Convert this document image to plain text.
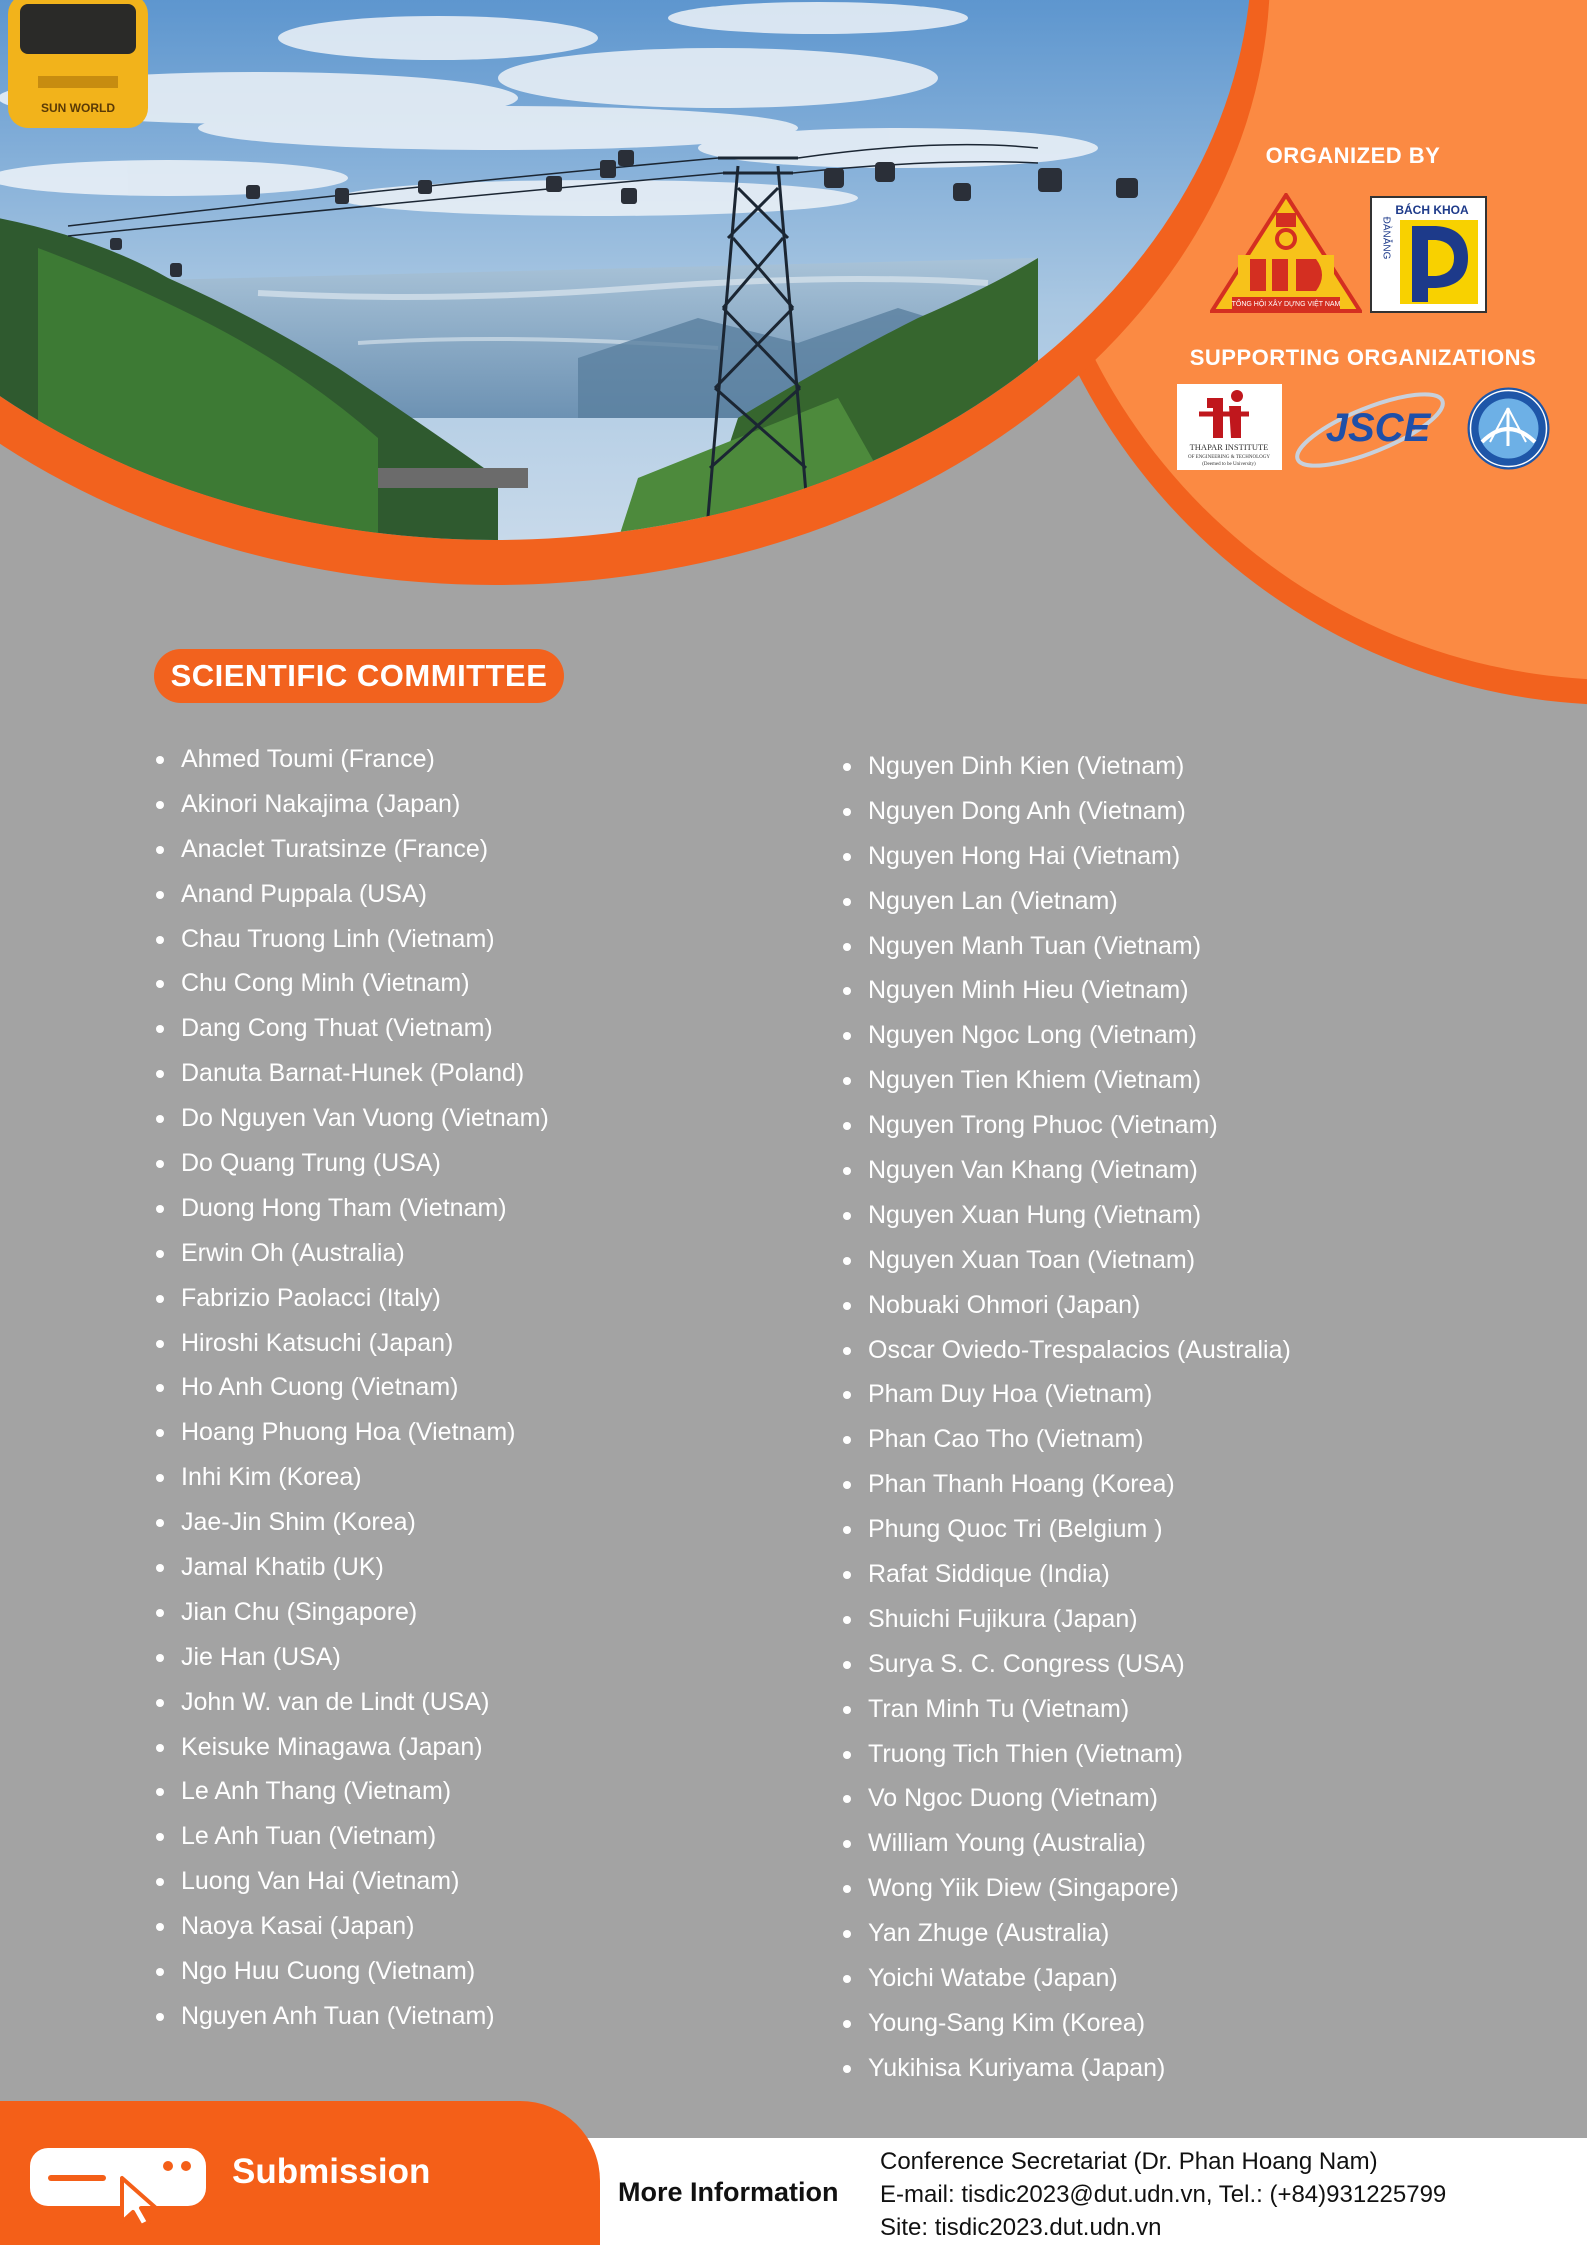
SUN WORLD
ORGANIZED BY
TỔNG HỘI XÂY DỰNG VIỆT NAM
BÁCH KHOA
ĐÀNẴNG
SUPPORTING ORGANIZATIONS
THAPAR INSTITUTE
OF ENGINEERING & TECHNOLOGY
(Deemed to be University)
JSCE
SCIENTIFIC COMMITTEE
Ahmed Toumi (France)
Akinori Nakajima (Japan)
Anaclet Turatsinze (France)
Anand Puppala (USA)
Chau Truong Linh (Vietnam)
Chu Cong Minh (Vietnam)
Dang Cong Thuat (Vietnam)
Danuta Barnat-Hunek (Poland)
Do Nguyen Van Vuong (Vietnam)
Do Quang Trung (USA)
Duong Hong Tham (Vietnam)
Erwin Oh (Australia)
Fabrizio Paolacci (Italy)
Hiroshi Katsuchi (Japan)
Ho Anh Cuong (Vietnam)
Hoang Phuong Hoa (Vietnam)
Inhi Kim (Korea)
Jae-Jin Shim (Korea)
Jamal Khatib (UK)
Jian Chu (Singapore)
Jie Han (USA)
John W. van de Lindt (USA)
Keisuke Minagawa (Japan)
Le Anh Thang (Vietnam)
Le Anh Tuan (Vietnam)
Luong Van Hai (Vietnam)
Naoya Kasai (Japan)
Ngo Huu Cuong (Vietnam)
Nguyen Anh Tuan (Vietnam)
Nguyen Dinh Kien (Vietnam)
Nguyen Dong Anh (Vietnam)
Nguyen Hong Hai (Vietnam)
Nguyen Lan (Vietnam)
Nguyen Manh Tuan (Vietnam)
Nguyen Minh Hieu (Vietnam)
Nguyen Ngoc Long (Vietnam)
Nguyen Tien Khiem (Vietnam)
Nguyen Trong Phuoc (Vietnam)
Nguyen Van Khang (Vietnam)
Nguyen Xuan Hung (Vietnam)
Nguyen Xuan Toan (Vietnam)
Nobuaki Ohmori (Japan)
Oscar Oviedo-Trespalacios (Australia)
Pham Duy Hoa (Vietnam)
Phan Cao Tho (Vietnam)
Phan Thanh Hoang (Korea)
Phung Quoc Tri (Belgium )
Rafat Siddique (India)
Shuichi Fujikura (Japan)
Surya S. C. Congress (USA)
Tran Minh Tu (Vietnam)
Truong Tich Thien (Vietnam)
Vo Ngoc Duong (Vietnam)
William Young (Australia)
Wong Yiik Diew (Singapore)
Yan Zhuge (Australia)
Yoichi Watabe (Japan)
Young-Sang Kim (Korea)
Yukihisa Kuriyama (Japan)
Submission
More Information
Conference Secretariat (Dr. Phan Hoang Nam)
E-mail: tisdic2023@dut.udn.vn, Tel.: (+84)931225799
Site: tisdic2023.dut.udn.vn
